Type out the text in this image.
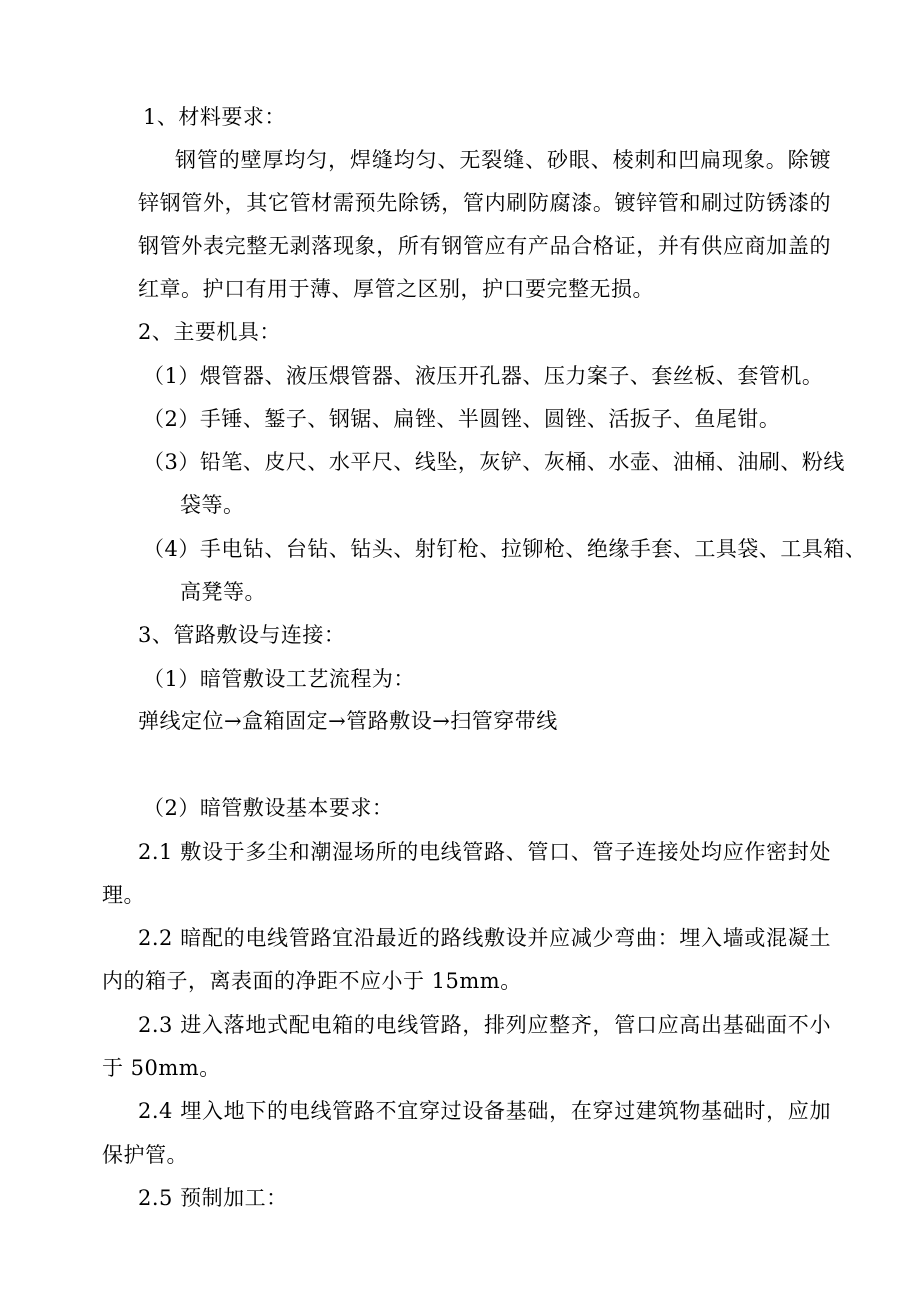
1、材料要求：
钢管的壁厚均匀，焊缝均匀、无裂缝、砂眼、棱刺和凹扁现象。除镀
锌钢管外，其它管材需预先除锈，管内刷防腐漆。镀锌管和刷过防锈漆的
钢管外表完整无剥落现象，所有钢管应有产品合格证，并有供应商加盖的
红章。护口有用于薄、厚管之区别，护口要完整无损。
2、主要机具：
（1）煨管器、液压煨管器、液压开孔器、压力案子、套丝板、套管机。
（2）手锤、錾子、钢锯、扁锉、半圆锉、圆锉、活扳子、鱼尾钳。
（3）铅笔、皮尺、水平尺、线坠，灰铲、灰桶、水壶、油桶、油刷、粉线
袋等。
（4）手电钻、台钻、钻头、射钉枪、拉铆枪、绝缘手套、工具袋、工具箱、
高凳等。
3、管路敷设与连接：
（1）暗管敷设工艺流程为：
弹线定位→盒箱固定→管路敷设→扫管穿带线
（2）暗管敷设基本要求：
2.1 敷设于多尘和潮湿场所的电线管路、管口、管子连接处均应作密封处
理。
2.2 暗配的电线管路宜沿最近的路线敷设并应减少弯曲：埋入墙或混凝土
内的箱子，离表面的净距不应小于 15mm。
2.3 进入落地式配电箱的电线管路，排列应整齐，管口应高出基础面不小
于 50mm。
2.4 埋入地下的电线管路不宜穿过设备基础，在穿过建筑物基础时，应加
保护管。
2.5 预制加工：
